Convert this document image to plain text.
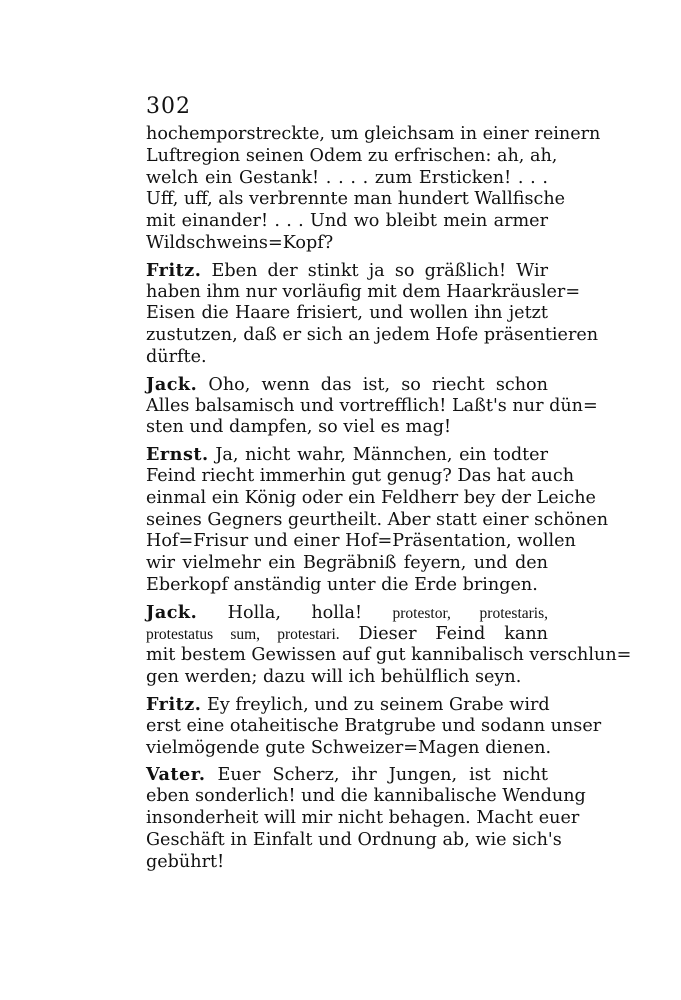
302
hochemporstreckte, um gleichsam in einer reinern
Luftregion seinen Odem zu erfrischen: ah, ah,
welch ein Gestank! . . . . zum Ersticken! . . .
Uff, uff, als verbrennte man hundert Wallfische
mit einander! . . . Und wo bleibt mein armer
Wildschweins=Kopf?
Fritz. Eben der stinkt ja so gräßlich! Wir
haben ihm nur vorläufig mit dem Haarkräusler=
Eisen die Haare frisiert, und wollen ihn jetzt
zustutzen, daß er sich an jedem Hofe präsentieren
dürfte.
Jack. Oho, wenn das ist, so riecht schon
Alles balsamisch und vortrefflich! Laßt's nur dün=
sten und dampfen, so viel es mag!
Ernst. Ja, nicht wahr, Männchen, ein todter
Feind riecht immerhin gut genug? Das hat auch
einmal ein König oder ein Feldherr bey der Leiche
seines Gegners geurtheilt. Aber statt einer schönen
Hof=Frisur und einer Hof=Präsentation, wollen
wir vielmehr ein Begräbniß feyern, und den
Eberkopf anständig unter die Erde bringen.
Jack. Holla, holla! protestor, protestaris,
protestatus sum, protestari. Dieser Feind kann
mit bestem Gewissen auf gut kannibalisch verschlun=
gen werden; dazu will ich behülflich seyn.
Fritz. Ey freylich, und zu seinem Grabe wird
erst eine otaheitische Bratgrube und sodann unser
vielmögende gute Schweizer=Magen dienen.
Vater. Euer Scherz, ihr Jungen, ist nicht
eben sonderlich! und die kannibalische Wendung
insonderheit will mir nicht behagen. Macht euer
Geschäft in Einfalt und Ordnung ab, wie sich's
gebührt!
